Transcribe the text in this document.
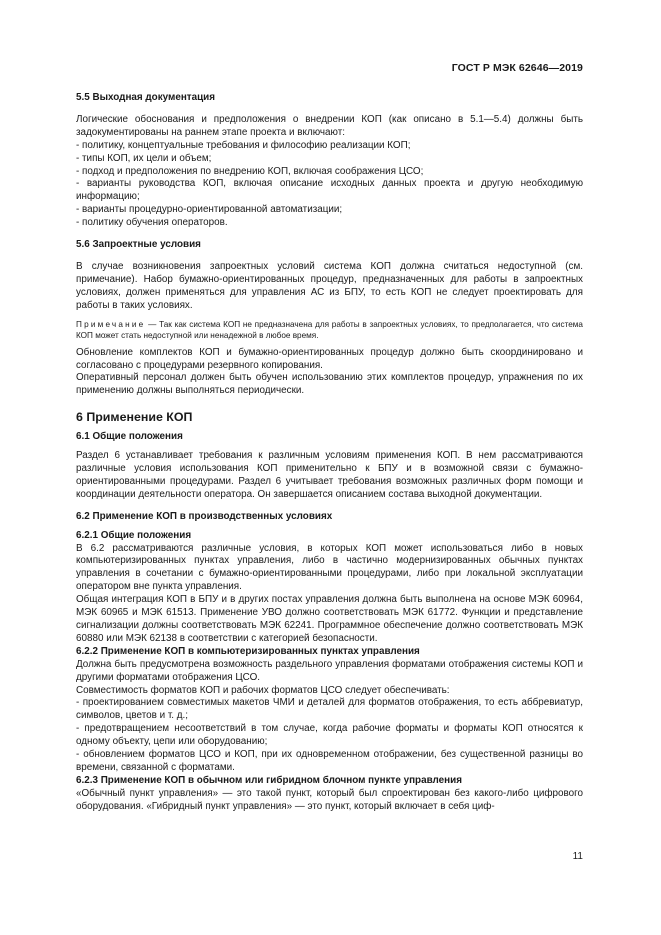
ГОСТ Р МЭК 62646—2019

5.5 Выходная документация

Логические обоснования и предположения о внедрении КОП (как описано в 5.1—5.4) должны быть задокументированы на раннем этапе проекта и включают:

- политику, концептуальные требования и философию реализации КОП;

- типы КОП, их цели и объем;

- подход и предположения по внедрению КОП, включая соображения ЦСО;

- варианты руководства КОП, включая описание исходных данных проекта и другую необходимую информацию;

- варианты процедурно-ориентированной автоматизации;

- политику обучения операторов.

5.6 Запроектные условия

В случае возникновения запроектных условий система КОП должна считаться недоступной (см. примечание). Набор бумажно-ориентированных процедур, предназначенных для работы в запроектных условиях, должен применяться для управления АС из БПУ, то есть КОП не следует проектировать для работы в таких условиях.

Примечание — Так как система КОП не предназначена для работы в запроектных условиях, то предполагается, что система КОП может стать недоступной или ненадежной в любое время.

Обновление комплектов КОП и бумажно-ориентированных процедур должно быть скоординировано и согласовано с процедурами резервного копирования.

Оперативный персонал должен быть обучен использованию этих комплектов процедур, упражнения по их применению должны выполняться периодически.

6 Применение КОП

6.1 Общие положения

Раздел 6 устанавливает требования к различным условиям применения КОП. В нем рассматриваются различные условия использования КОП применительно к БПУ и в возможной связи с бумажно-ориентированными процедурами. Раздел 6 учитывает требования возможных различных форм помощи и координации деятельности оператора. Он завершается описанием состава выходной документации.

6.2 Применение КОП в производственных условиях

6.2.1 Общие положения

В 6.2 рассматриваются различные условия, в которых КОП может использоваться либо в новых компьютеризированных пунктах управления, либо в частично модернизированных обычных пунктах управления в сочетании с бумажно-ориентированными процедурами, либо при локальной эксплуатации оператором вне пункта управления.

Общая интеграция КОП в БПУ и в других постах управления должна быть выполнена на основе МЭК 60964, МЭК 60965 и МЭК 61513. Применение УВО должно соответствовать МЭК 61772. Функции и представление сигнализации должны соответствовать МЭК 62241. Программное обеспечение должно соответствовать МЭК 60880 или МЭК 62138 в соответствии с категорией безопасности.

6.2.2 Применение КОП в компьютеризированных пунктах управления

Должна быть предусмотрена возможность раздельного управления форматами отображения системы КОП и другими форматами отображения ЦСО.

Совместимость форматов КОП и рабочих форматов ЦСО следует обеспечивать:

- проектированием совместимых макетов ЧМИ и деталей для форматов отображения, то есть аббревиатур, символов, цветов и т. д.;

- предотвращением несоответствий в том случае, когда рабочие форматы и форматы КОП относятся к одному объекту, цепи или оборудованию;

- обновлением форматов ЦСО и КОП, при их одновременном отображении, без существенной разницы во времени, связанной с форматами.

6.2.3 Применение КОП в обычном или гибридном блочном пункте управления

«Обычный пункт управления» — это такой пункт, который был спроектирован без какого-либо цифрового оборудования. «Гибридный пункт управления» — это пункт, который включает в себя циф-

11
